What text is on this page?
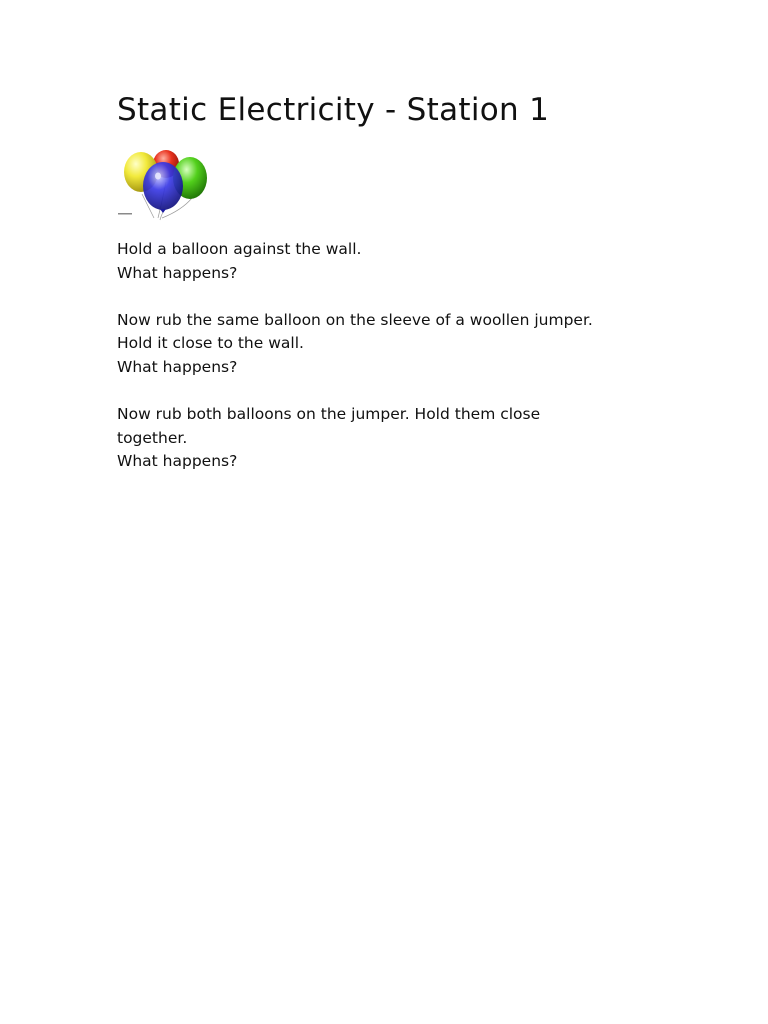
Static Electricity - Station 1

Hold a balloon against the wall.
What happens?

Now rub the same balloon on the sleeve of a woollen jumper.
Hold it close to the wall.
What happens?

Now rub both balloons on the jumper. Hold them close
together.
What happens?
